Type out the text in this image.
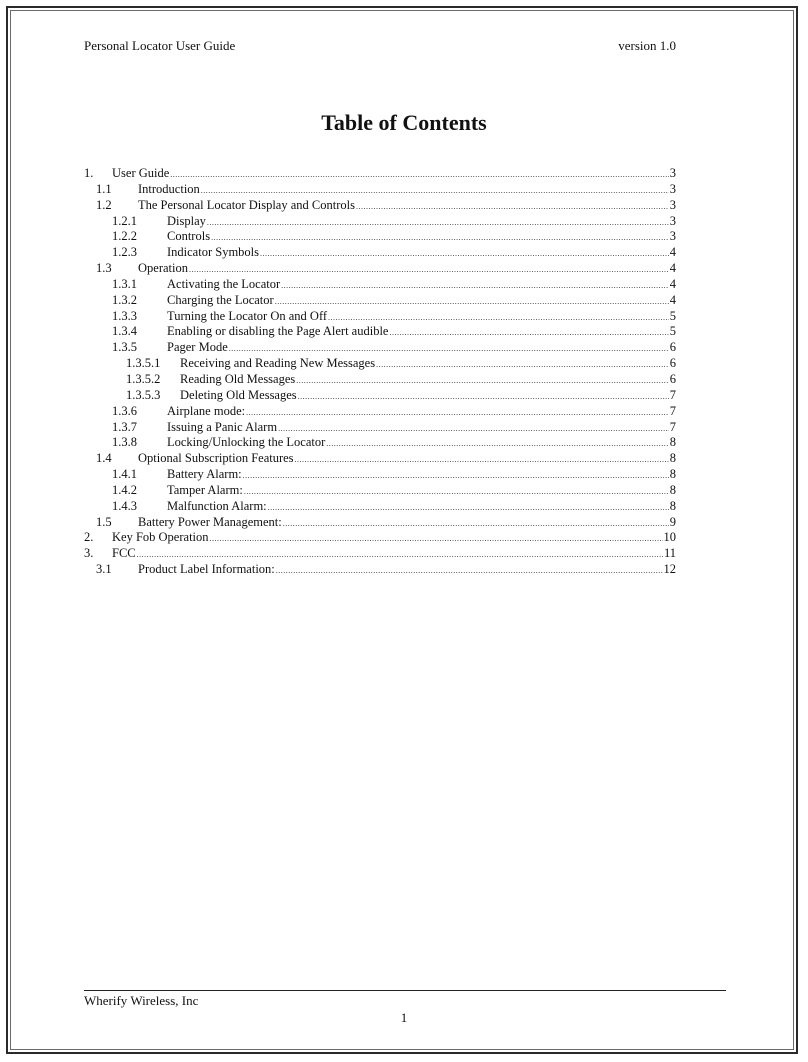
Personal Locator User Guide	version 1.0
Table of Contents
1.	User Guide .....	3
1.1	Introduction .....	3
1.2	The Personal Locator Display and Controls .....	3
1.2.1	Display .....	3
1.2.2	Controls .....	3
1.2.3	Indicator Symbols .....	4
1.3	Operation .....	4
1.3.1	Activating the Locator .....	4
1.3.2	Charging the Locator .....	4
1.3.3	Turning the Locator On and Off .....	5
1.3.4	Enabling or disabling the Page Alert audible .....	5
1.3.5	Pager Mode .....	6
1.3.5.1	Receiving and Reading New Messages .....	6
1.3.5.2	Reading Old Messages .....	6
1.3.5.3	Deleting Old Messages .....	7
1.3.6	Airplane mode: .....	7
1.3.7	Issuing a Panic Alarm .....	7
1.3.8	Locking/Unlocking the Locator .....	8
1.4	Optional Subscription Features .....	8
1.4.1	Battery Alarm: .....	8
1.4.2	Tamper Alarm: .....	8
1.4.3	Malfunction Alarm: .....	8
1.5	Battery Power Management: .....	9
2.	Key Fob Operation .....	10
3.	FCC .....	11
3.1	Product Label Information: .....	12
Wherify Wireless, Inc
1
